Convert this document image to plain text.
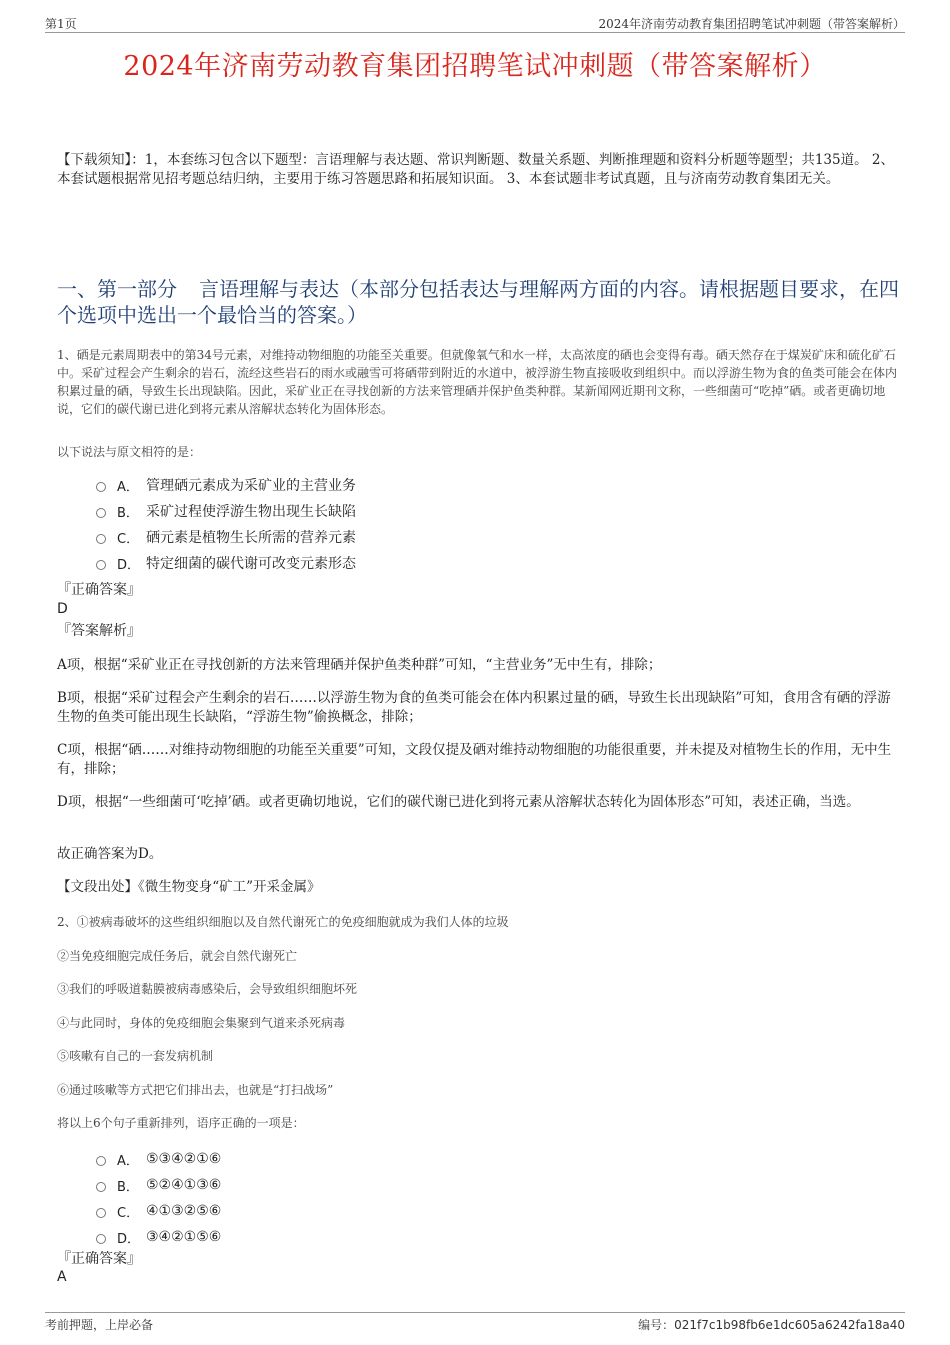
第1页	2024年济南劳动教育集团招聘笔试冲刺题（带答案解析）
2024年济南劳动教育集团招聘笔试冲刺题（带答案解析）
【下载须知】：1，本套练习包含以下题型：言语理解与表达题、常识判断题、数量关系题、判断推理题和资料分析题等题型；共135道。 2、本套试题根据常见招考题总结归纳，主要用于练习答题思路和拓展知识面。 3、本套试题非考试真题，且与济南劳动教育集团无关。
一、第一部分 言语理解与表达（本部分包括表达与理解两方面的内容。请根据题目要求，在四个选项中选出一个最恰当的答案。）
1、硒是元素周期表中的第34号元素，对维持动物细胞的功能至关重要。但就像氧气和水一样，太高浓度的硒也会变得有毒。硒天然存在于煤炭矿床和硫化矿石中。采矿过程会产生剩余的岩石，流经这些岩石的雨水或融雪可将硒带到附近的水道中，被浮游生物直接吸收到组织中。而以浮游生物为食的鱼类可能会在体内积累过量的硒，导致生长出现缺陷。因此，采矿业正在寻找创新的方法来管理硒并保护鱼类种群。某新闻网近期刊文称，一些细菌可“吃掉”硒。或者更确切地说，它们的碳代谢已进化到将元素从溶解状态转化为固体形态。
以下说法与原文相符的是：
A． 管理硒元素成为采矿业的主营业务
B． 采矿过程使浮游生物出现生长缺陷
C． 硒元素是植物生长所需的营养元素
D． 特定细菌的碳代谢可改变元素形态
『正确答案』
D
『答案解析』
A项，根据“采矿业正在寻找创新的方法来管理硒并保护鱼类种群”可知，“主营业务”无中生有，排除；
B项，根据“采矿过程会产生剩余的岩石……以浮游生物为食的鱼类可能会在体内积累过量的硒，导致生长出现缺陷”可知，食用含有硒的浮游生物的鱼类可能出现生长缺陷，“浮游生物”偷换概念，排除；
C项，根据“硒……对维持动物细胞的功能至关重要”可知，文段仅提及硒对维持动物细胞的功能很重要，并未提及对植物生长的作用，无中生有，排除；
D项，根据“一些细菌可‘吃掉’硒。或者更确切地说，它们的碳代谢已进化到将元素从溶解状态转化为固体形态”可知，表述正确，当选。
故正确答案为D。
【文段出处】《微生物变身“矿工”开采金属》
2、①被病毒破坏的这些组织细胞以及自然代谢死亡的免疫细胞就成为我们人体的垃圾
②当免疫细胞完成任务后，就会自然代谢死亡
③我们的呼吸道黏膜被病毒感染后，会导致组织细胞坏死
④与此同时，身体的免疫细胞会集聚到气道来杀死病毒
⑤咳嗽有自己的一套发病机制
⑥通过咳嗽等方式把它们排出去，也就是“打扫战场”
将以上6个句子重新排列，语序正确的一项是：
A． ⑤③④②①⑥
B． ⑤②④①③⑥
C． ④①③②⑤⑥
D． ③④②①⑤⑥
『正确答案』
A
考前押题，上岸必备	编号：021f7c1b98fb6e1dc605a6242fa18a40
